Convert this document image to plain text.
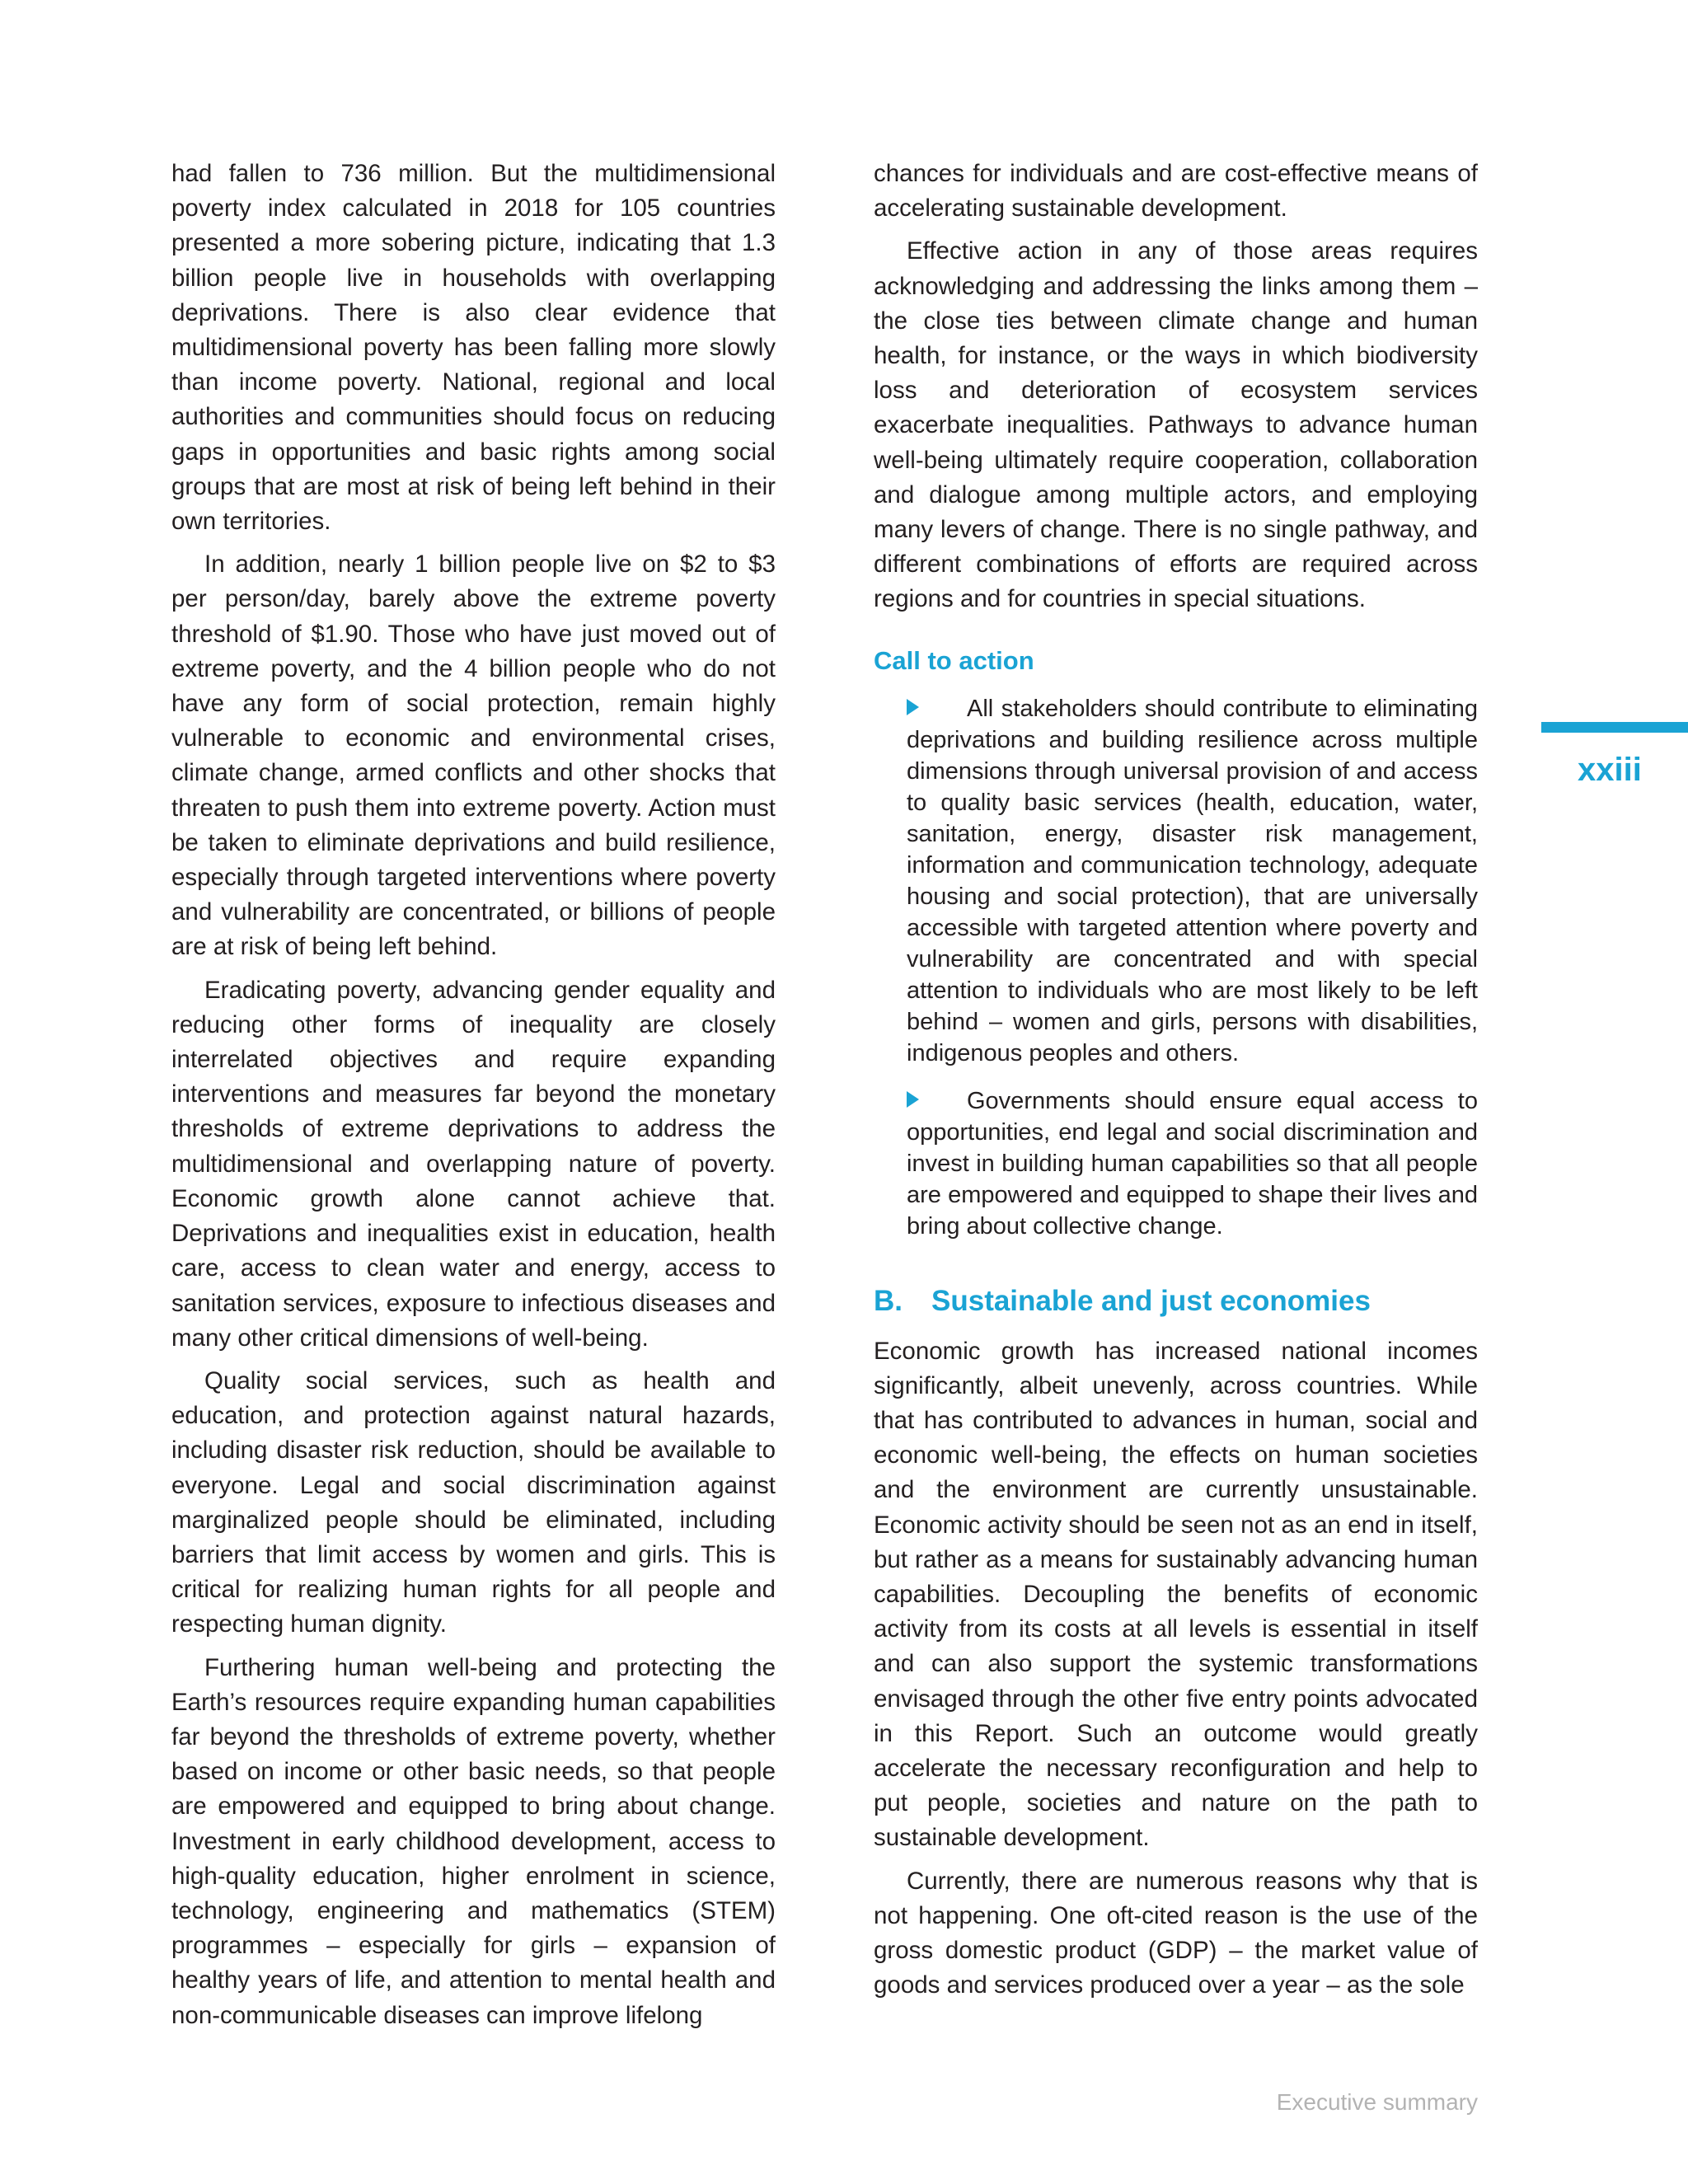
had fallen to 736 million. But the multidimensional poverty index calculated in 2018 for 105 countries presented a more sobering picture, indicating that 1.3 billion people live in households with overlapping deprivations. There is also clear evidence that multidimensional poverty has been falling more slowly than income poverty. National, regional and local authorities and communities should focus on reducing gaps in opportunities and basic rights among social groups that are most at risk of being left behind in their own territories.

In addition, nearly 1 billion people live on $2 to $3 per person/day, barely above the extreme poverty threshold of $1.90. Those who have just moved out of extreme poverty, and the 4 billion people who do not have any form of social protection, remain highly vulnerable to economic and environmental crises, climate change, armed conflicts and other shocks that threaten to push them into extreme poverty. Action must be taken to eliminate deprivations and build resilience, especially through targeted interventions where poverty and vulnerability are concentrated, or billions of people are at risk of being left behind.

Eradicating poverty, advancing gender equality and reducing other forms of inequality are closely interrelated objectives and require expanding interventions and measures far beyond the monetary thresholds of extreme deprivations to address the multidimensional and overlapping nature of poverty. Economic growth alone cannot achieve that. Deprivations and inequalities exist in education, health care, access to clean water and energy, access to sanitation services, exposure to infectious diseases and many other critical dimensions of well-being.

Quality social services, such as health and education, and protection against natural hazards, including disaster risk reduction, should be available to everyone. Legal and social discrimination against marginalized people should be eliminated, including barriers that limit access by women and girls. This is critical for realizing human rights for all people and respecting human dignity.

Furthering human well-being and protecting the Earth’s resources require expanding human capabilities far beyond the thresholds of extreme poverty, whether based on income or other basic needs, so that people are empowered and equipped to bring about change. Investment in early childhood development, access to high-quality education, higher enrolment in science, technology, engineering and mathematics (STEM) programmes – especially for girls – expansion of healthy years of life, and attention to mental health and non-communicable diseases can improve lifelong

chances for individuals and are cost-effective means of accelerating sustainable development.

Effective action in any of those areas requires acknowledging and addressing the links among them – the close ties between climate change and human health, for instance, or the ways in which biodiversity loss and deterioration of ecosystem services exacerbate inequalities. Pathways to advance human well-being ultimately require cooperation, collaboration and dialogue among multiple actors, and employing many levers of change. There is no single pathway, and different combinations of efforts are required across regions and for countries in special situations.

Call to action
All stakeholders should contribute to eliminating deprivations and building resilience across multiple dimensions through universal provision of and access to quality basic services (health, education, water, sanitation, energy, disaster risk management, information and communication technology, adequate housing and social protection), that are universally accessible with targeted attention where poverty and vulnerability are concentrated and with special attention to individuals who are most likely to be left behind – women and girls, persons with disabilities, indigenous peoples and others.
Governments should ensure equal access to opportunities, end legal and social discrimination and invest in building human capabilities so that all people are empowered and equipped to shape their lives and bring about collective change.
B.	Sustainable and just economies

Economic growth has increased national incomes significantly, albeit unevenly, across countries. While that has contributed to advances in human, social and economic well-being, the effects on human societies and the environment are currently unsustainable. Economic activity should be seen not as an end in itself, but rather as a means for sustainably advancing human capabilities. Decoupling the benefits of economic activity from its costs at all levels is essential in itself and can also support the systemic transformations envisaged through the other five entry points advocated in this Report. Such an outcome would greatly accelerate the necessary reconfiguration and help to put people, societies and nature on the path to sustainable development.

Currently, there are numerous reasons why that is not happening. One oft-cited reason is the use of the gross domestic product (GDP) – the market value of goods and services produced over a year – as the sole

xxiii
Executive summary
